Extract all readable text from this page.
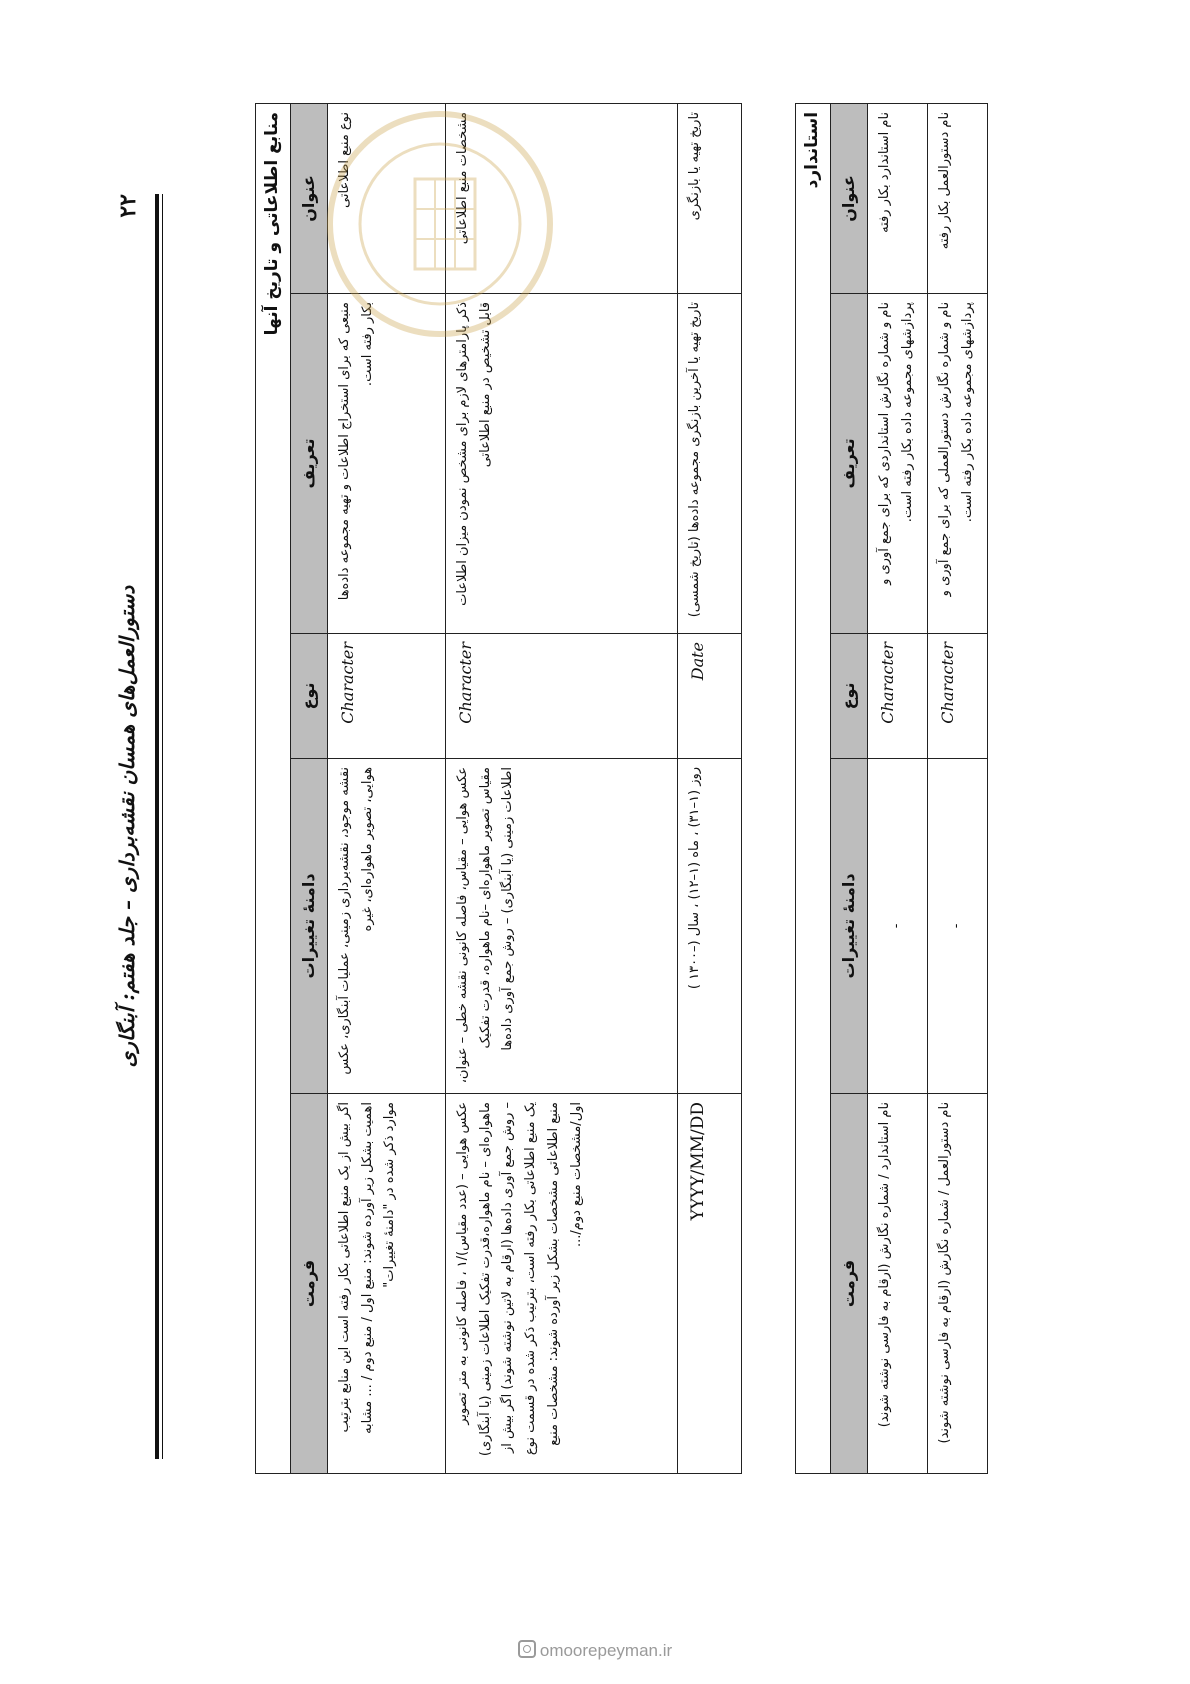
دستورالعمل‌های همسان نقشه‌برداری – جلد هفتم: آبنگاری
۲۲	منابع اطلاعاتی و تاریخ آنها				
عنوان	تعریف	نوع	دامنهٔ تغییرات	فرمت
نوع منبع اطلاعاتی	منبعی که برای استخراج اطلاعات و تهیه مجموعه داده‌ها بکار رفته است.	Character	نقشه موجود، نقشه‌برداری زمینی، عملیات آبنگاری، عکس هوایی، تصویر ماهواره‌ای، غیره	اگر بیش از یک منبع اطلاعاتی بکار رفته است این منابع بترتیب اهمیت بشکل زیر آورده شوند: منبع اول / منبع دوم / ... مشابه موارد ذکر شده در "دامنهٔ تغییرات"
مشخصات منبع اطلاعاتی	ذکر پارامترهای لازم برای مشخص نمودن میزان اطلاعات قابل تشخیص در منبع اطلاعاتی	Character	عکس هوایی – مقیاس، فاصله کانونی نقشه خطی – عنوان، مقیاس تصویر ماهواره‌ای –نام ماهواره، قدرت تفکیک اطلاعات زمینی (یا آبنگاری) – روش جمع آوری داده‌ها	عکس هوایی – (عدد مقیاس)/۱ ، فاصله کانونی به متر تصویر ماهواره‌ای – نام ماهواره،قدرت تفکیک اطلاعات زمینی (یا آبنگاری) – روش جمع آوری داده‌ها (ارقام به لاتین نوشته شوند) اگر بیش از یک منبع اطلاعاتی بکار رفته است، بترتیب ذکر شده در قسمت نوع منبع اطلاعاتی مشخصات بشکل زیر آورده شوند: مشخصات منبع اول/مشخصات منبع دوم/...
تاریخ تهیه یا بازنگری	تاریخ تهیه یا آخرین بازنگری مجموعه داده‌ها (تاریخ شمسی)	Date	روز (۱–۳۱) ، ماه (۱–۱۲) ، سال (–۱۳۰۰ )	YYYY/MM/DD
استاندارد				
عنوان	تعریف	نوع	دامنهٔ تغییرات	فرمت
نام استاندارد بکار رفته	نام و شماره نگارش استانداردی که برای جمع آوری و پردازشهای مجموعه داده بکار رفته است.	Character	-	نام استاندارد / شماره نگارش (ارقام به فارسی نوشته شوند)
نام دستورالعمل بکار رفته	نام و شماره نگارش دستورالعملی که برای جمع آوری و پردازشهای مجموعه داده بکار رفته است.	Character	-	نام دستورالعمل / شماره نگارش (ارقام به فارسی نوشته شوند)
omoorepeyman.ir
